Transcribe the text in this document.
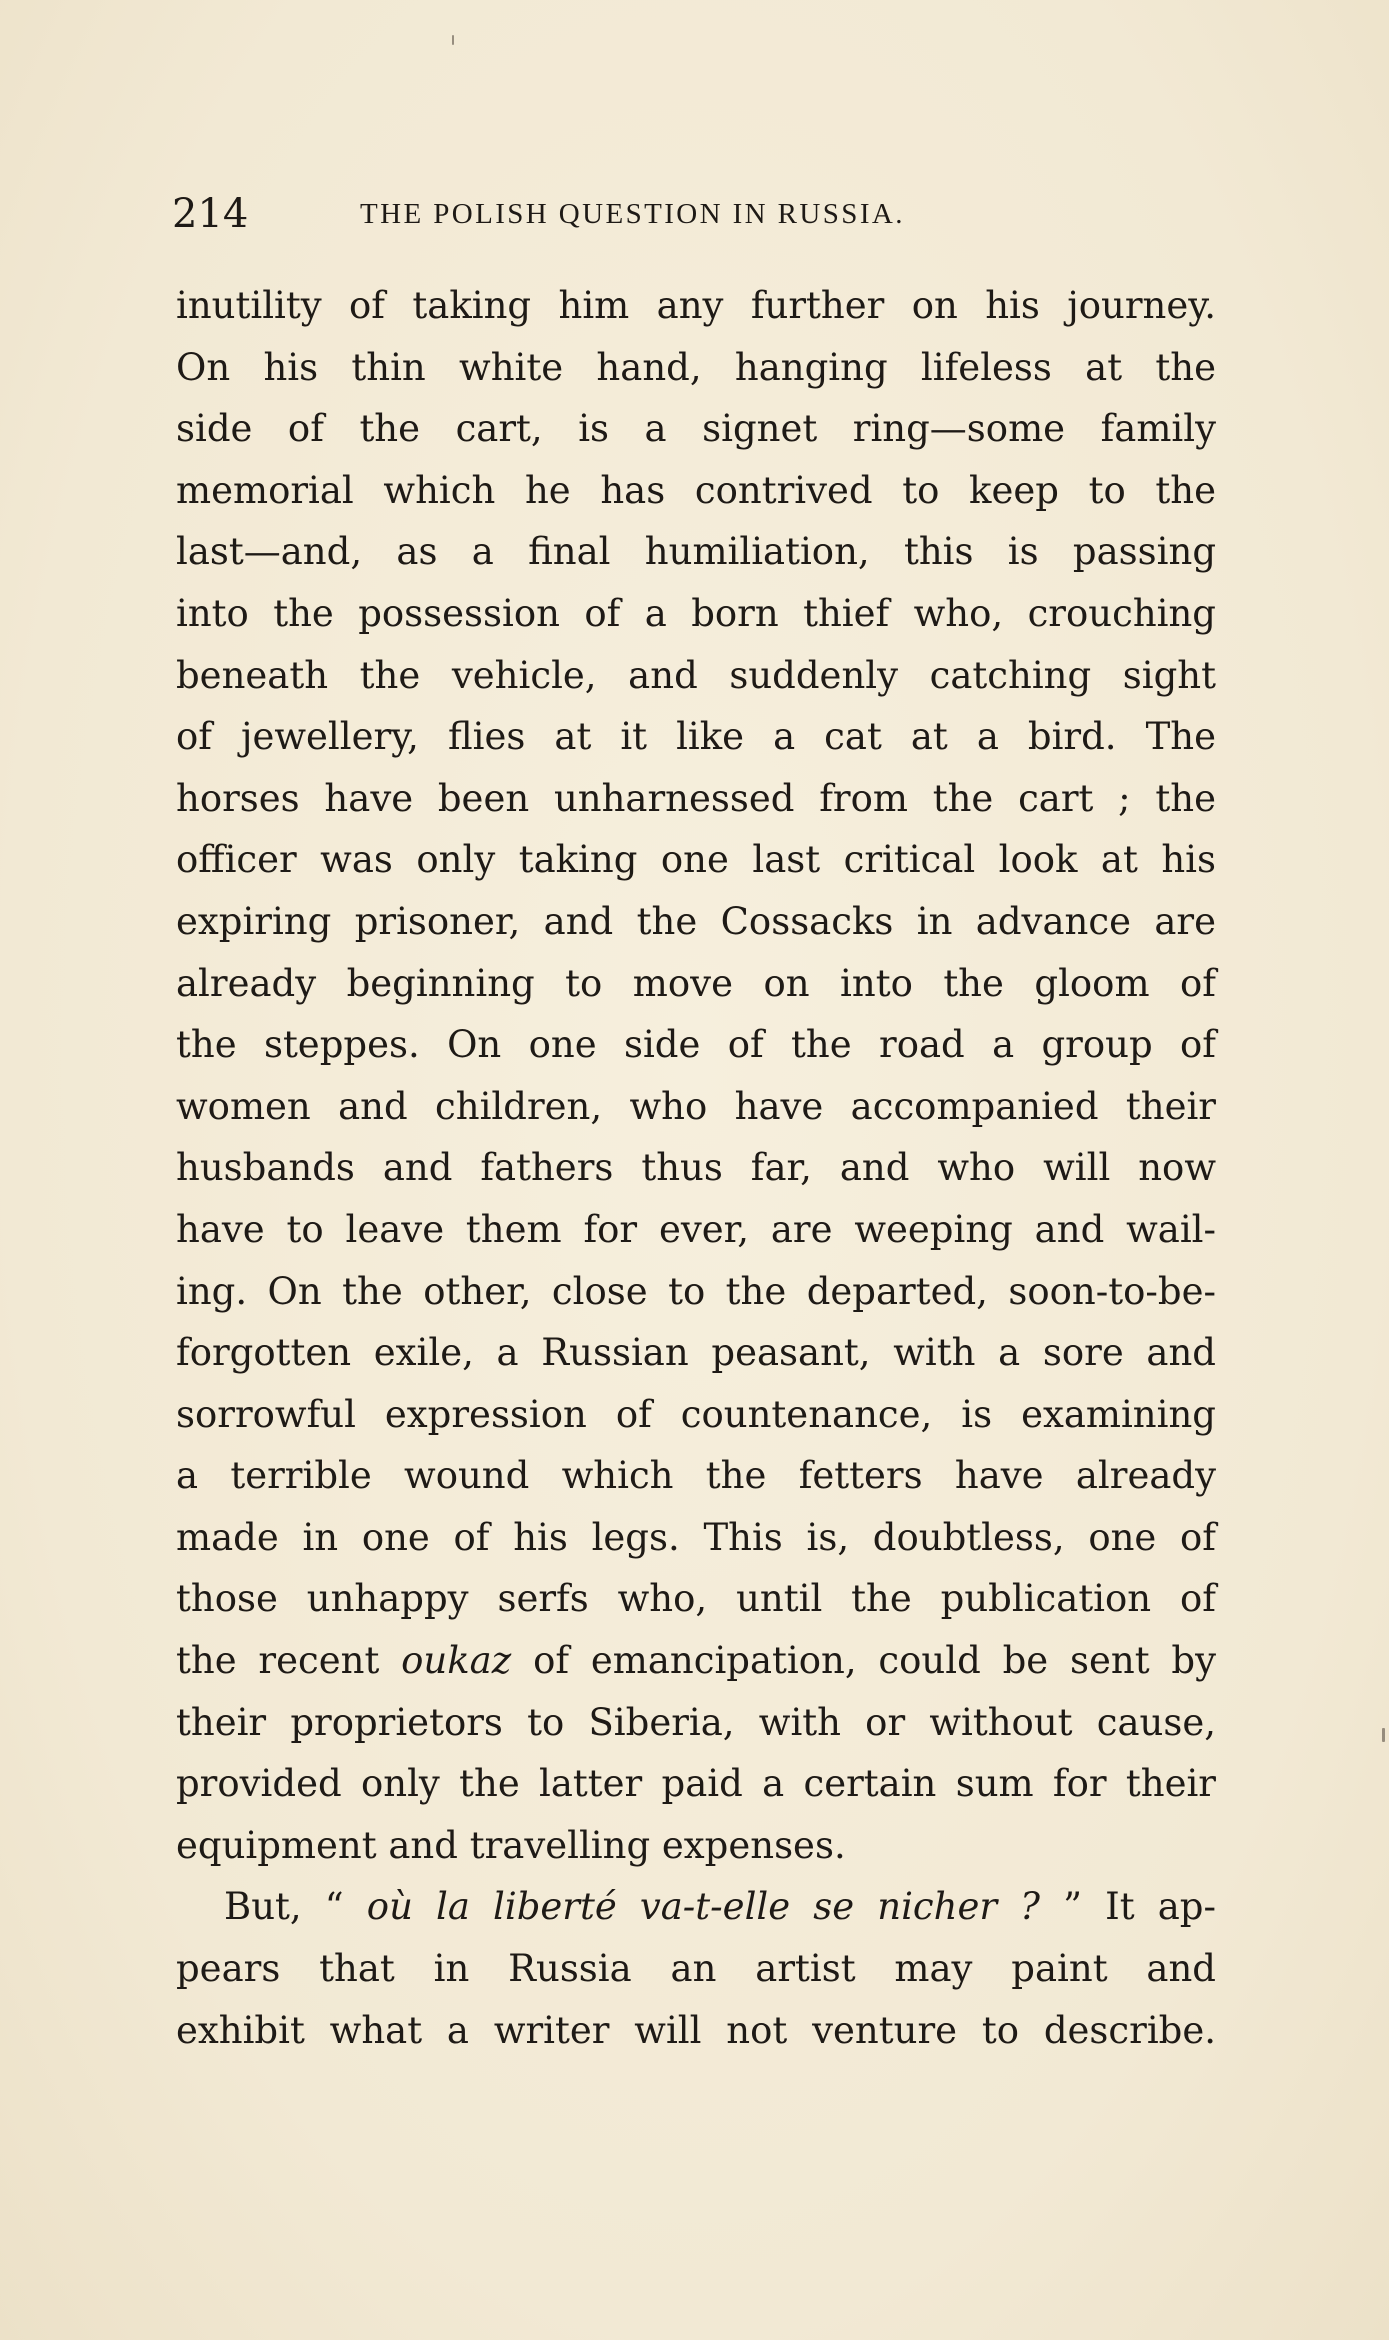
214	THE POLISH QUESTION IN RUSSIA.
inutility of taking him any further on his journey.
On his thin white hand, hanging lifeless at the
side of the cart, is a signet ring—some family
memorial which he has contrived to keep to the
last—and, as a final humiliation, this is passing
into the possession of a born thief who, crouching
beneath the vehicle, and suddenly catching sight
of jewellery, flies at it like a cat at a bird. The
horses have been unharnessed from the cart ; the
officer was only taking one last critical look at his
expiring prisoner, and the Cossacks in advance are
already beginning to move on into the gloom of
the steppes. On one side of the road a group of
women and children, who have accompanied their
husbands and fathers thus far, and who will now
have to leave them for ever, are weeping and wail-
ing. On the other, close to the departed, soon-to-be-
forgotten exile, a Russian peasant, with a sore and
sorrowful expression of countenance, is examining
a terrible wound which the fetters have already
made in one of his legs. This is, doubtless, one of
those unhappy serfs who, until the publication of
the recent oukaz of emancipation, could be sent by
their proprietors to Siberia, with or without cause,
provided only the latter paid a certain sum for their
equipment and travelling expenses.
But, “ où la liberté va-t-elle se nicher ? ” It ap-
pears that in Russia an artist may paint and
exhibit what a writer will not venture to describe.
